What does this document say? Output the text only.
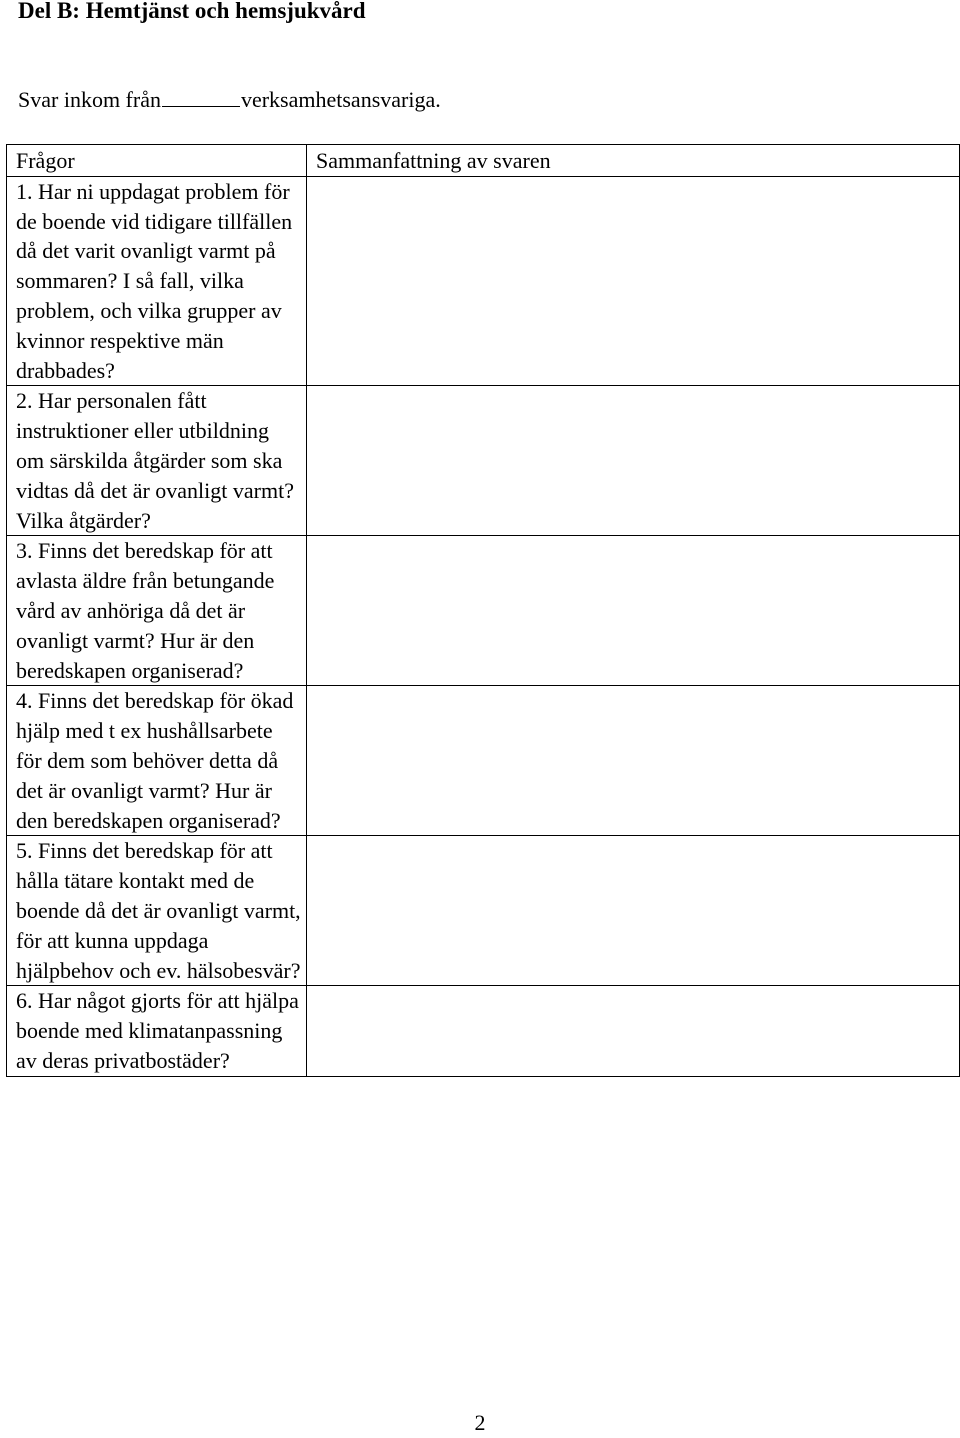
Del B: Hemtjänst och hemsjukvård
Svar inkom från	verksamhetsansvariga.
Frågor	Sammanfattning av svaren
1. Har ni uppdagat problem för de boende vid tidigare tillfällen då det varit ovanligt varmt på sommaren? I så fall, vilka problem, och vilka grupper av kvinnor respektive män drabbades?	
2. Har personalen fått instruktioner eller utbildning om särskilda åtgärder som ska vidtas då det är ovanligt varmt? Vilka åtgärder?	
3. Finns det beredskap för att avlasta äldre från betungande vård av anhöriga då det är ovanligt varmt? Hur är den beredskapen organiserad?	
4. Finns det beredskap för ökad hjälp med t ex hushållsarbete för dem som behöver detta då det är ovanligt varmt? Hur är den beredskapen organiserad?	
5. Finns det beredskap för att hålla tätare kontakt med de boende då det är ovanligt varmt, för att kunna uppdaga hjälpbehov och ev. hälsobesvär?	
6. Har något gjorts för att hjälpa boende med klimatanpassning av deras privatbostäder?	
2
